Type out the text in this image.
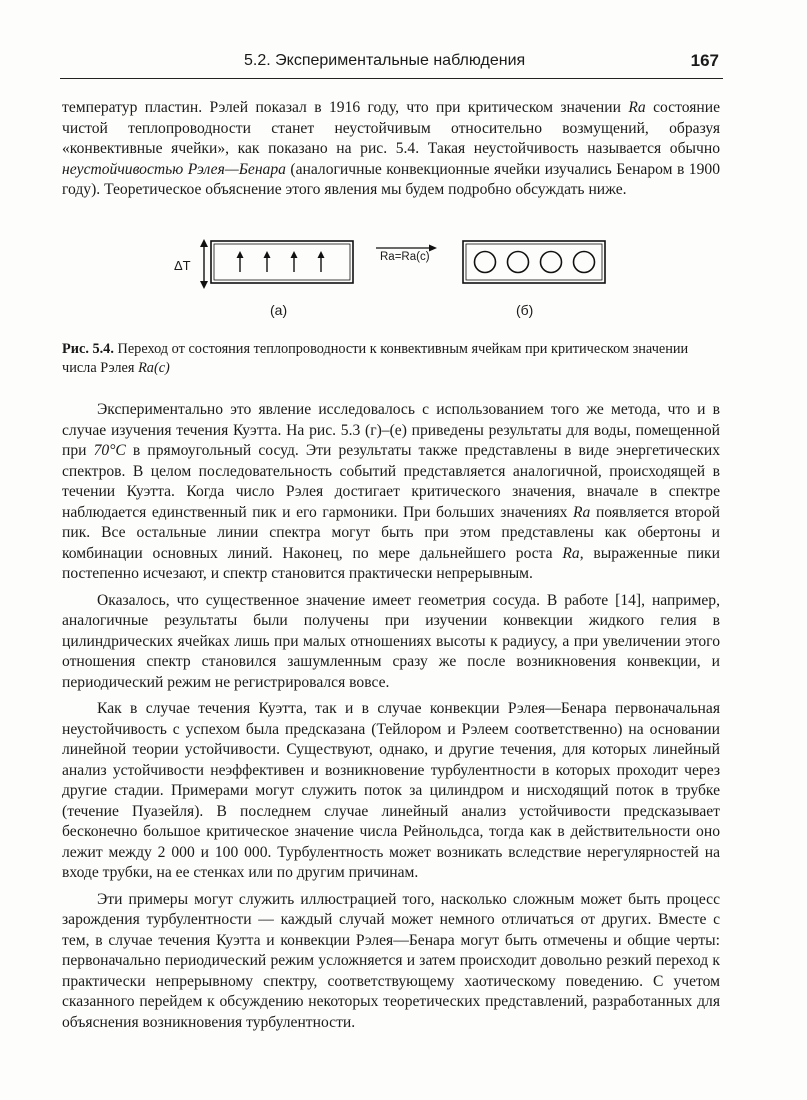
5.2. Экспериментальные наблюдения	167

температур пластин. Рэлей показал в 1916 году, что при критическом значении Ra состояние чистой теплопроводности станет неустойчивым относительно возмущений, образуя «конвективные ячейки», как показано на рис. 5.4. Такая неустойчивость называется обычно неустойчивостью Рэлея—Бенара (аналогичные конвекционные ячейки изучались Бенаром в 1900 году). Теоретическое объяснение этого явления мы будем подробно обсуждать ниже.

ΔT
Ra=Ra(c)
(а)	(б)
Рис. 5.4. Переход от состояния теплопроводности к конвективным ячейкам при критическом значении числа Рэлея Ra(c)

Экспериментально это явление исследовалось с использованием того же метода, что и в случае изучения течения Куэтта. На рис. 5.3 (г)–(е) приведены результаты для воды, помещенной при 70°C в прямоугольный сосуд. Эти результаты также представлены в виде энергетических спектров. В целом последовательность событий представляется аналогичной, происходящей в течении Куэтта. Когда число Рэлея достигает критического значения, вначале в спектре наблюдается единственный пик и его гармоники. При больших значениях Ra появляется второй пик. Все остальные линии спектра могут быть при этом представлены как обертоны и комбинации основных линий. Наконец, по мере дальнейшего роста Ra, выраженные пики постепенно исчезают, и спектр становится практически непрерывным.

Оказалось, что существенное значение имеет геометрия сосуда. В работе [14], например, аналогичные результаты были получены при изучении конвекции жидкого гелия в цилиндрических ячейках лишь при малых отношениях высоты к радиусу, а при увеличении этого отношения спектр становился зашумленным сразу же после возникновения конвекции, и периодический режим не регистрировался вовсе.

Как в случае течения Куэтта, так и в случае конвекции Рэлея—Бенара первоначальная неустойчивость с успехом была предсказана (Тейлором и Рэлеем соответственно) на основании линейной теории устойчивости. Существуют, однако, и другие течения, для которых линейный анализ устойчивости неэффективен и возникновение турбулентности в которых проходит через другие стадии. Примерами могут служить поток за цилиндром и нисходящий поток в трубке (течение Пуазейля). В последнем случае линейный анализ устойчивости предсказывает бесконечно большое критическое значение числа Рейнольдса, тогда как в действительности оно лежит между 2 000 и 100 000. Турбулентность может возникать вследствие нерегулярностей на входе трубки, на ее стенках или по другим причинам.

Эти примеры могут служить иллюстрацией того, насколько сложным может быть процесс зарождения турбулентности — каждый случай может немного отличаться от других. Вместе с тем, в случае течения Куэтта и конвекции Рэлея—Бенара могут быть отмечены и общие черты: первоначально периодический режим усложняется и затем происходит довольно резкий переход к практически непрерывному спектру, соответствующему хаотическому поведению. С учетом сказанного перейдем к обсуждению некоторых теоретических представлений, разработанных для объяснения возникновения турбулентности.
